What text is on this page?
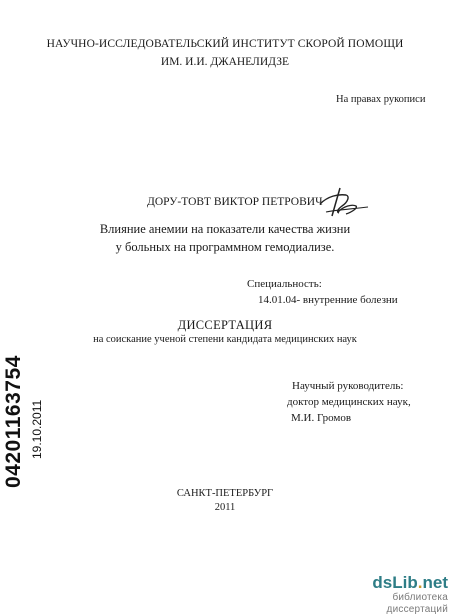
НАУЧНО-ИССЛЕДОВАТЕЛЬСКИЙ ИНСТИТУТ СКОРОЙ ПОМОЩИ
ИМ. И.И. ДЖАНЕЛИДЗЕ
На правах рукописи
ДОРУ-ТОВТ ВИКТОР ПЕТРОВИЧ
Влияние анемии на показатели качества жизни
у больных на программном гемодиализе.
Специальность:
14.01.04- внутренние болезни
ДИССЕРТАЦИЯ
на соискание ученой степени кандидата медицинских наук
Научный руководитель:
доктор медицинских наук,
М.И. Громов
САНКТ-ПЕТЕРБУРГ
2011
04201163754 19.10.2011
dsLib.net
библиотека диссертаций
